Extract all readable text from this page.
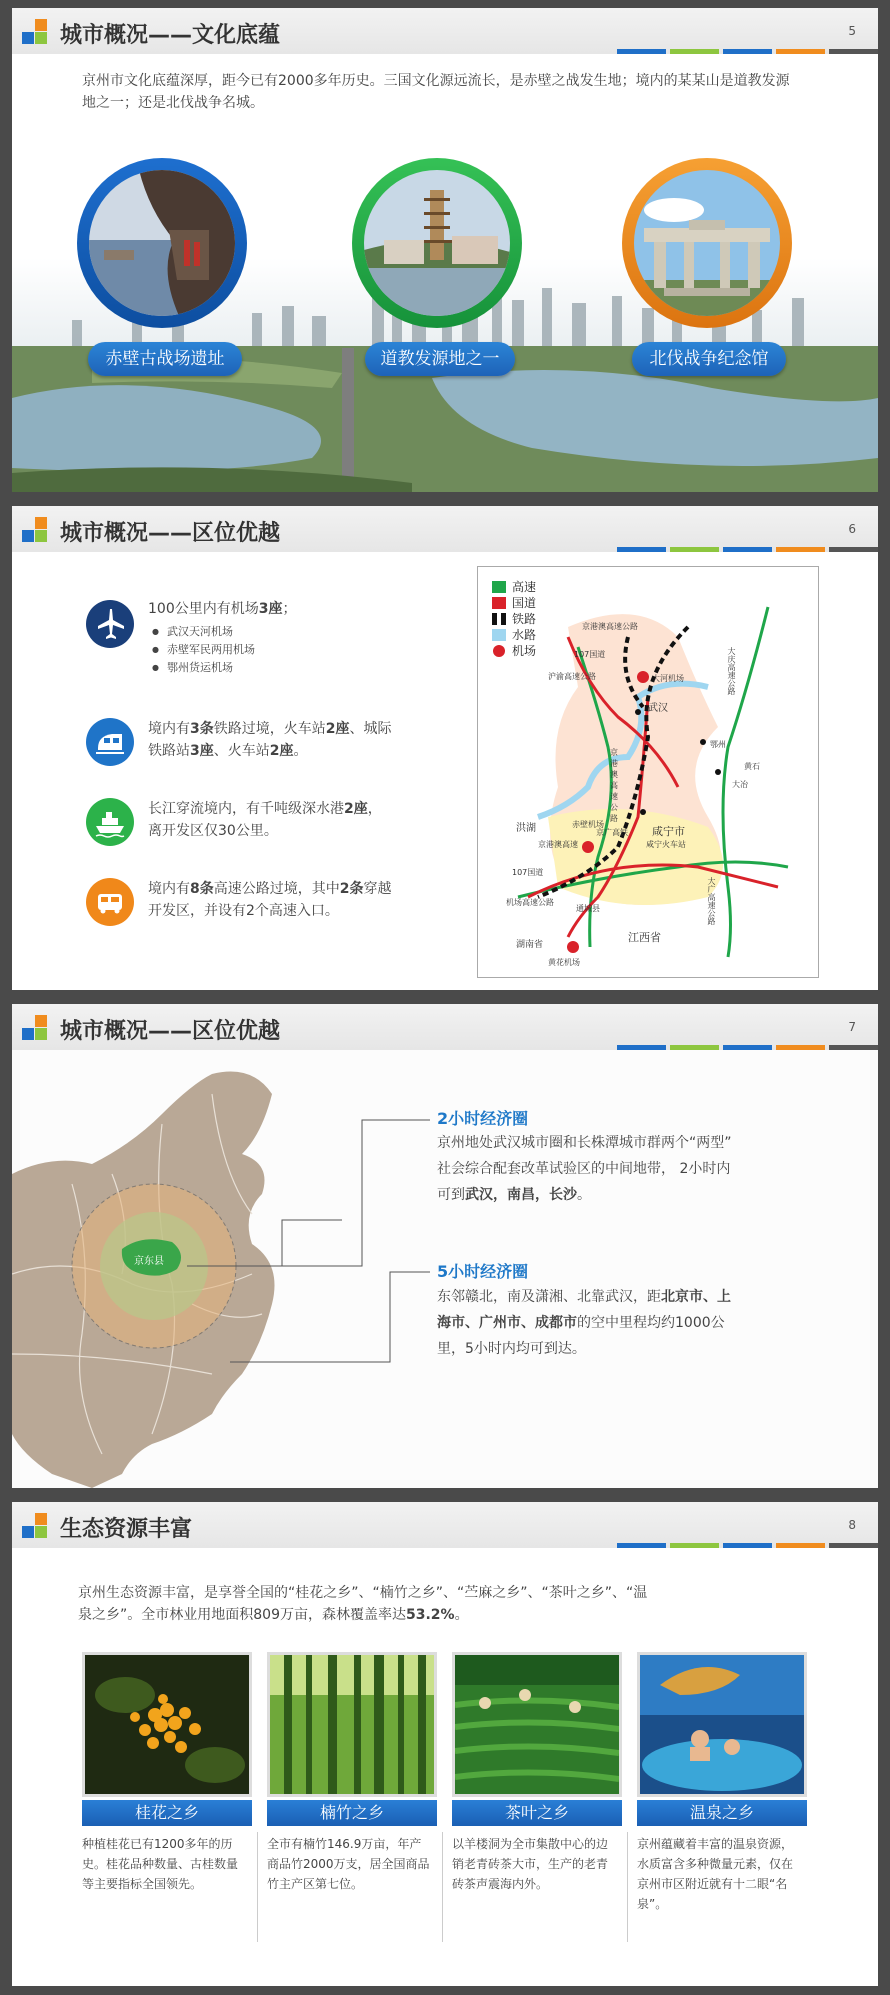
城市概况——文化底蕴	5
京州市文化底蕴深厚，距今已有2000多年历史。三国文化源远流长，是赤壁之战发生地；境内的某某山是道教发源地之一；还是北伐战争名城。
赤壁古战场遗址	道教发源地之一	北伐战争纪念馆
城市概况——区位优越	6
100公里内有机场3座；
● 武汉天河机场
● 赤壁军民两用机场
● 鄂州货运机场
境内有3条铁路过境，火车站2座、城际
铁路站3座、火车站2座。
长江穿流境内，有千吨级深水港2座，
离开发区仅30公里。
境内有8条高速公路过境，其中2条穿越
开发区，并设有2个高速入口。
高速
国道
铁路
水路
机场
京港澳高速公路
107国道
沪渝高速公路	大庆高速公路
大河机场
武汉
鄂州
黄石
大冶
京港澳高速公路
洪湖	赤壁机场
京广高铁 咸宁市
京港澳高速	咸宁火车站
107国道
机场高速公路
通城县
湖南省
江西省
大广高速公路
黄花机场
城市概况——区位优越	7
京东县
2小时经济圈
京州地处武汉城市圈和长株潭城市群两个“两型”
社会综合配套改革试验区的中间地带， 2小时内
可到武汉，南昌，长沙。
5小时经济圈
东邻赣北，南及潇湘、北靠武汉，距北京市、上
海市、广州市、成都市的空中里程均约1000公
里，5小时内均可到达。
生态资源丰富	8
京州生态资源丰富，是享誉全国的“桂花之乡”、“楠竹之乡”、“苎麻之乡”、“茶叶之乡”、“温
泉之乡”。全市林业用地面积809万亩，森林覆盖率达53.2%。
桂花之乡
种植桂花已有1200多年的历史。桂花品种数量、古桂数量等主要指标全国领先。
楠竹之乡
全市有楠竹146.9万亩，年产商品竹2000万支，居全国商品竹主产区第七位。
茶叶之乡
以羊楼洞为全市集散中心的边销老青砖茶大市，生产的老青砖茶声震海内外。
温泉之乡
京州蕴藏着丰富的温泉资源，水质富含多种微量元素，仅在京州市区附近就有十二眼“名泉”。
